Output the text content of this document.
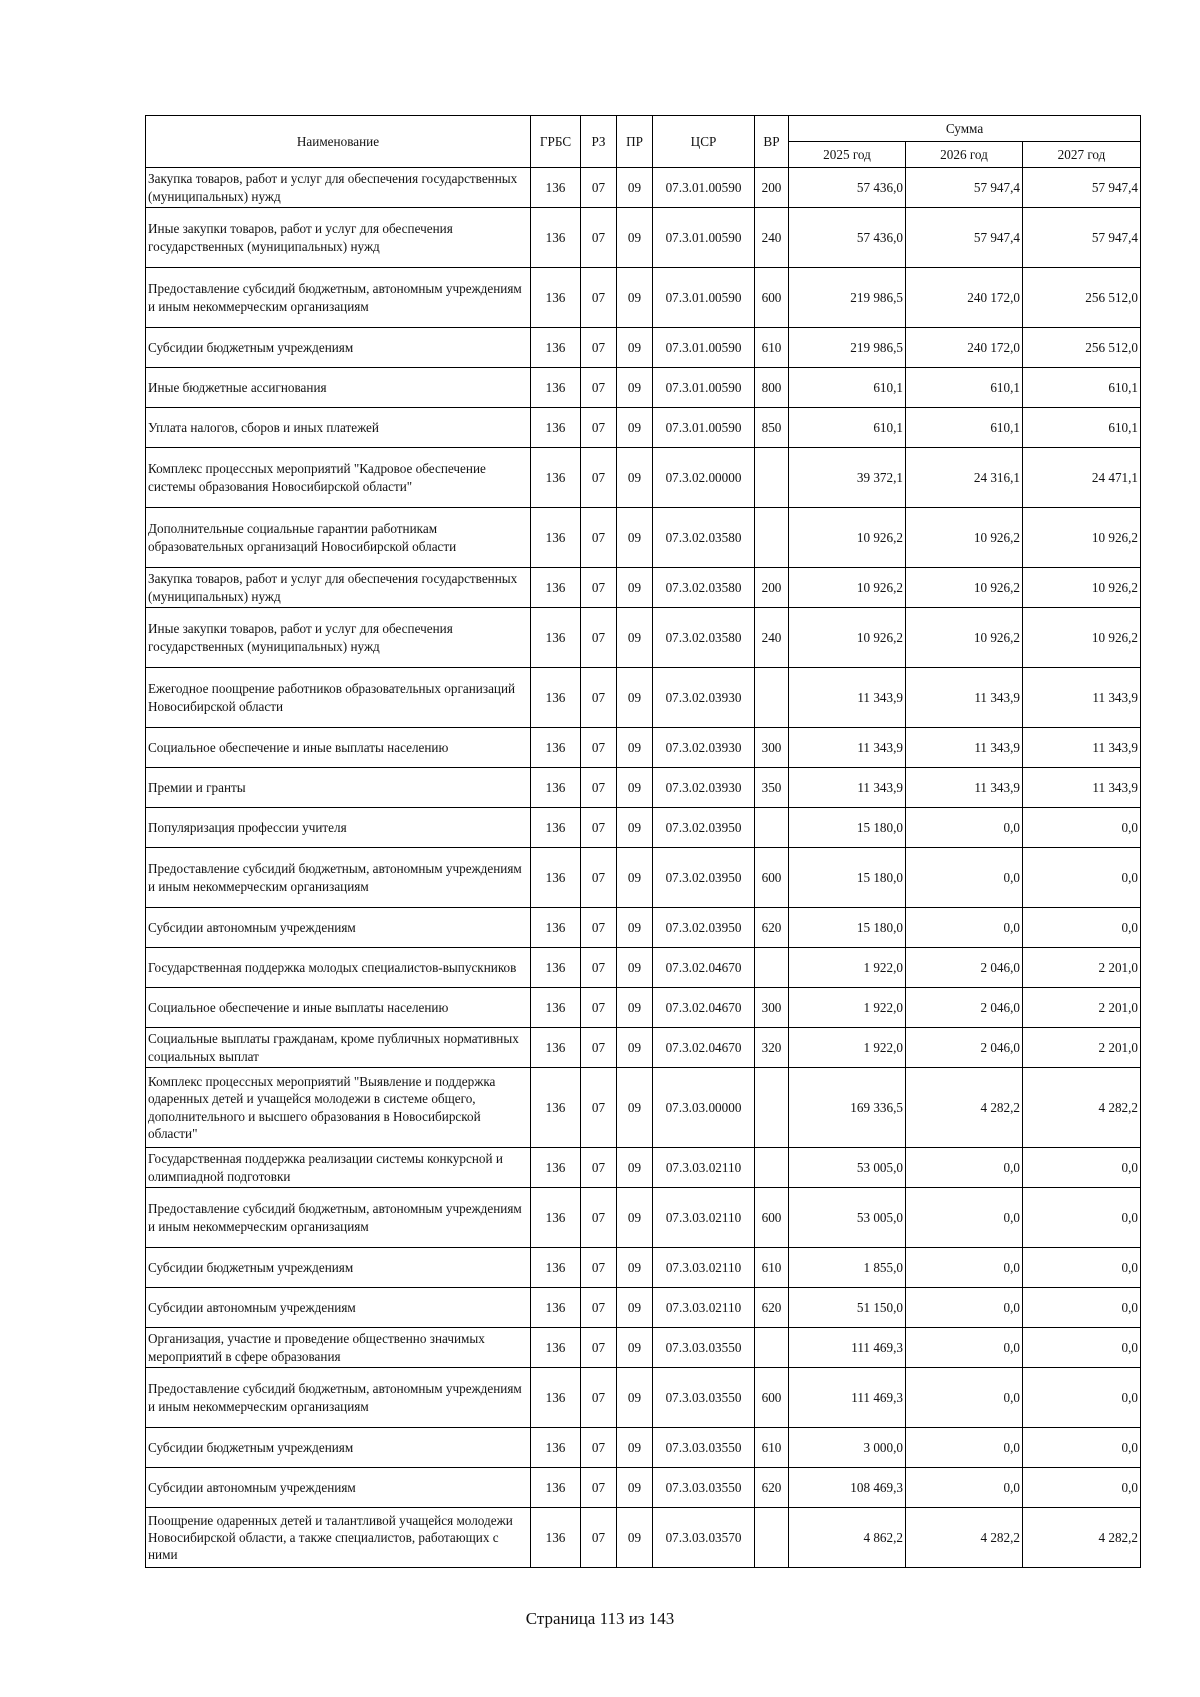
Наименование	ГРБС	РЗ	ПР	ЦСР	ВР	Сумма		
						2025 год	2026 год	2027 год
Закупка товаров, работ и услуг для обеспечения государственных (муниципальных) нужд	136	07	09	07.3.01.00590	200	57 436,0	57 947,4	57 947,4
Иные закупки товаров, работ и услуг для обеспечения государственных (муниципальных) нужд	136	07	09	07.3.01.00590	240	57 436,0	57 947,4	57 947,4
Предоставление субсидий бюджетным, автономным учреждениям и иным некоммерческим организациям	136	07	09	07.3.01.00590	600	219 986,5	240 172,0	256 512,0
Субсидии бюджетным учреждениям	136	07	09	07.3.01.00590	610	219 986,5	240 172,0	256 512,0
Иные бюджетные ассигнования	136	07	09	07.3.01.00590	800	610,1	610,1	610,1
Уплата налогов, сборов и иных платежей	136	07	09	07.3.01.00590	850	610,1	610,1	610,1
Комплекс процессных мероприятий "Кадровое обеспечение системы образования Новосибирской области"	136	07	09	07.3.02.00000		39 372,1	24 316,1	24 471,1
Дополнительные социальные гарантии работникам образовательных организаций Новосибирской области	136	07	09	07.3.02.03580		10 926,2	10 926,2	10 926,2
Закупка товаров, работ и услуг для обеспечения государственных (муниципальных) нужд	136	07	09	07.3.02.03580	200	10 926,2	10 926,2	10 926,2
Иные закупки товаров, работ и услуг для обеспечения государственных (муниципальных) нужд	136	07	09	07.3.02.03580	240	10 926,2	10 926,2	10 926,2
Ежегодное поощрение работников образовательных организаций Новосибирской области	136	07	09	07.3.02.03930		11 343,9	11 343,9	11 343,9
Социальное обеспечение и иные выплаты населению	136	07	09	07.3.02.03930	300	11 343,9	11 343,9	11 343,9
Премии и гранты	136	07	09	07.3.02.03930	350	11 343,9	11 343,9	11 343,9
Популяризация профессии учителя	136	07	09	07.3.02.03950		15 180,0	0,0	0,0
Предоставление субсидий бюджетным, автономным учреждениям и иным некоммерческим организациям	136	07	09	07.3.02.03950	600	15 180,0	0,0	0,0
Субсидии автономным учреждениям	136	07	09	07.3.02.03950	620	15 180,0	0,0	0,0
Государственная поддержка молодых специалистов-выпускников	136	07	09	07.3.02.04670		1 922,0	2 046,0	2 201,0
Социальное обеспечение и иные выплаты населению	136	07	09	07.3.02.04670	300	1 922,0	2 046,0	2 201,0
Социальные выплаты гражданам, кроме публичных нормативных социальных выплат	136	07	09	07.3.02.04670	320	1 922,0	2 046,0	2 201,0
Комплекс процессных мероприятий "Выявление и поддержка одаренных детей и учащейся молодежи в системе общего, дополнительного и высшего образования в Новосибирской области"	136	07	09	07.3.03.00000		169 336,5	4 282,2	4 282,2
Государственная поддержка реализации системы конкурсной и олимпиадной подготовки	136	07	09	07.3.03.02110		53 005,0	0,0	0,0
Предоставление субсидий бюджетным, автономным учреждениям и иным некоммерческим организациям	136	07	09	07.3.03.02110	600	53 005,0	0,0	0,0
Субсидии бюджетным учреждениям	136	07	09	07.3.03.02110	610	1 855,0	0,0	0,0
Субсидии автономным учреждениям	136	07	09	07.3.03.02110	620	51 150,0	0,0	0,0
Организация, участие и проведение общественно значимых мероприятий в сфере образования	136	07	09	07.3.03.03550		111 469,3	0,0	0,0
Предоставление субсидий бюджетным, автономным учреждениям и иным некоммерческим организациям	136	07	09	07.3.03.03550	600	111 469,3	0,0	0,0
Субсидии бюджетным учреждениям	136	07	09	07.3.03.03550	610	3 000,0	0,0	0,0
Субсидии автономным учреждениям	136	07	09	07.3.03.03550	620	108 469,3	0,0	0,0
Поощрение одаренных детей и талантливой учащейся молодежи Новосибирской области, а также специалистов, работающих с ними	136	07	09	07.3.03.03570		4 862,2	4 282,2	4 282,2
Страница 113 из 143
